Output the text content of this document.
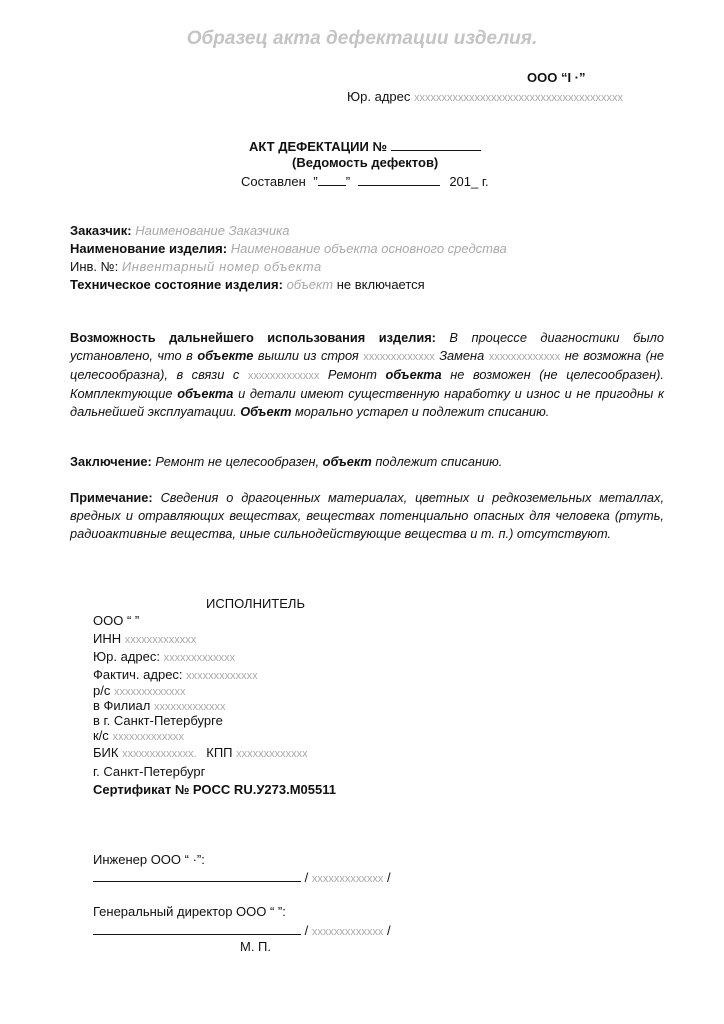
Образец акта дефектации изделия.
ООО “I ·”
Юр. адрес xxxxxxxxxxxxxxxxxxxxxxxxxxxxxxxxxxxxxx
АКТ ДЕФЕКТАЦИИ №
(Ведомость дефектов)
Составлен ” ”	201_ г.
Заказчик: Наименование Заказчика
Наименование изделия: Наименование объекта основного средства
Инв. №: Инвентарный номер объекта
Техническое состояние изделия: объект не включается
Возможность дальнейшего использования изделия: В процессе диагностики было установлено, что в объекте вышли из строя xxxxxxxxxxxxx Замена xxxxxxxxxxxxx не возможна (не целесообразна), в связи с xxxxxxxxxxxxx Ремонт объекта не возможен (не целесообразен). Комплектующие объекта и детали имеют существенную наработку и износ и не пригодны к дальнейшей эксплуатации. Объект морально устарел и подлежит списанию.
Заключение: Ремонт не целесообразен, объект подлежит списанию.
Примечание: Сведения о драгоценных материалах, цветных и редкоземельных металлах, вредных и отравляющих веществах, веществах потенциально опасных для человека (ртуть, радиоактивные вещества, иные сильнодействующие вещества и т. п.) отсутствуют.
ИСПОЛНИТЕЛЬ
ООО “ ”
ИНН xxxxxxxxxxxxx
Юр. адрес: xxxxxxxxxxxxx
Фактич. адрес: xxxxxxxxxxxxx
р/с xxxxxxxxxxxxx
в Филиал xxxxxxxxxxxxx
в г. Санкт-Петербурге
к/с xxxxxxxxxxxxx
БИК xxxxxxxxxxxxx. КПП xxxxxxxxxxxxx
г. Санкт-Петербург
Сертификат № РОСС RU.У273.М05511
Инженер ООО “ ·”:
/ xxxxxxxxxxxxx /
Генеральный директор ООО “ ”:
/ xxxxxxxxxxxxx /
М. П.
